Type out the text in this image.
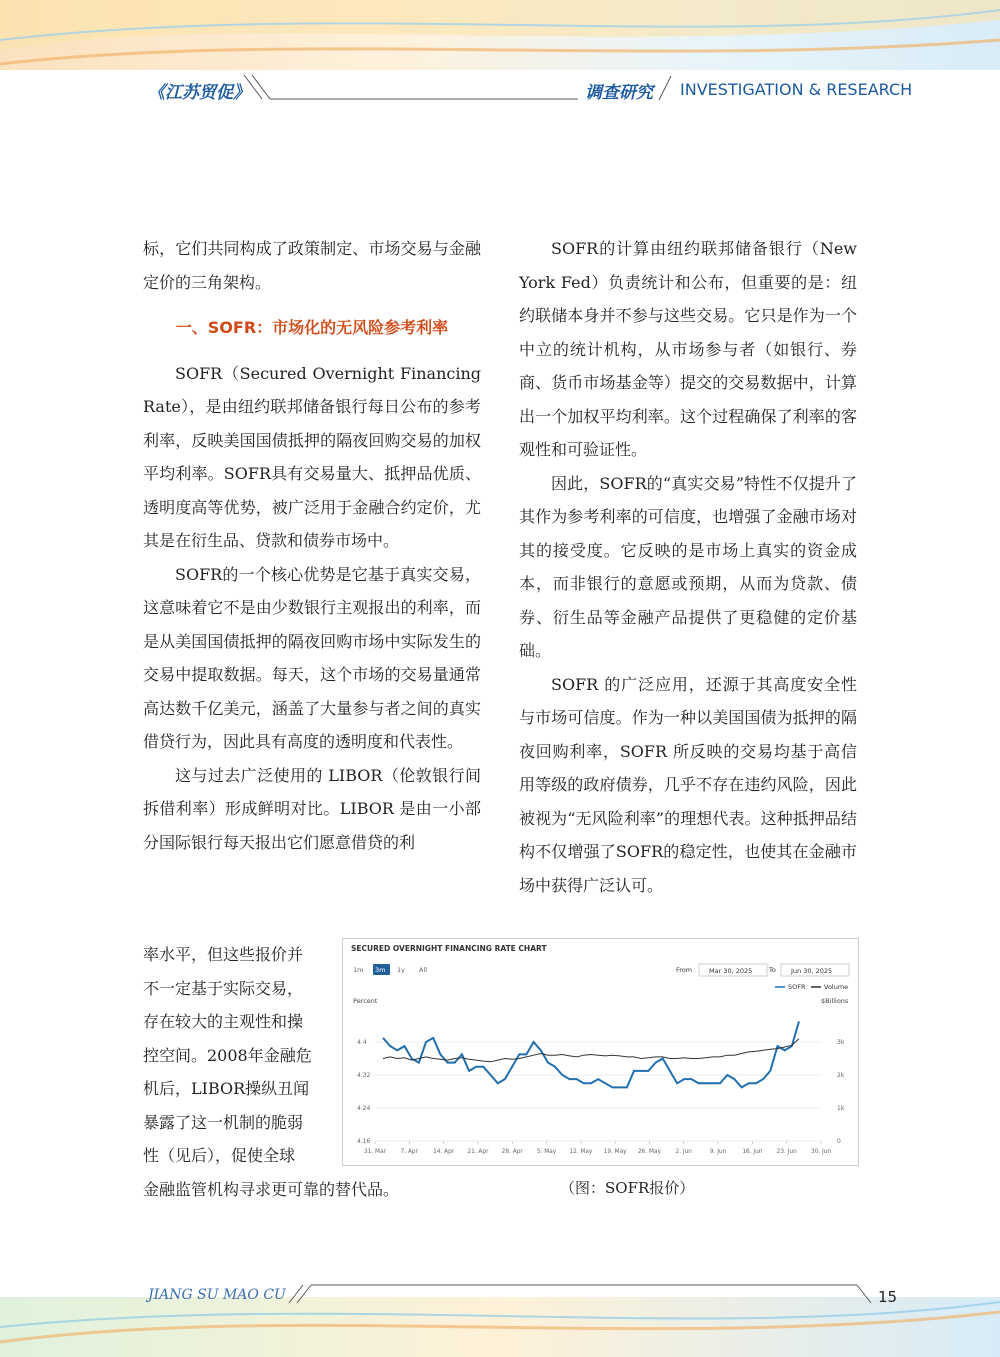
《江苏贸促》	调查研究 INVESTIGATION & RESEARCH

标，它们共同构成了政策制定、市场交易与金融定价的三角架构。

一、SOFR：市场化的无风险参考利率

SOFR（Secured Overnight Financing Rate），是由纽约联邦储备银行每日公布的参考利率，反映美国国债抵押的隔夜回购交易的加权平均利率。SOFR具有交易量大、抵押品优质、透明度高等优势，被广泛用于金融合约定价，尤其是在衍生品、贷款和债券市场中。

SOFR的一个核心优势是它基于真实交易，这意味着它不是由少数银行主观报出的利率，而是从美国国债抵押的隔夜回购市场中实际发生的交易中提取数据。每天，这个市场的交易量通常高达数千亿美元，涵盖了大量参与者之间的真实借贷行为，因此具有高度的透明度和代表性。

这与过去广泛使用的 LIBOR（伦敦银行间拆借利率）形成鲜明对比。LIBOR 是由一小部分国际银行每天报出它们愿意借贷的利

率水平，但这些报价并

不一定基于实际交易，

存在较大的主观性和操

控空间。2008年金融危

机后，LIBOR操纵丑闻

暴露了这一机制的脆弱

性（见后），促使全球

金融监管机构寻求更可靠的替代品。

SOFR的计算由纽约联邦储备银行（New York Fed）负责统计和公布，但重要的是：纽约联储本身并不参与这些交易。它只是作为一个中立的统计机构，从市场参与者（如银行、券商、货币市场基金等）提交的交易数据中，计算出一个加权平均利率。这个过程确保了利率的客观性和可验证性。

因此，SOFR的“真实交易”特性不仅提升了其作为参考利率的可信度，也增强了金融市场对其的接受度。它反映的是市场上真实的资金成本，而非银行的意愿或预期，从而为贷款、债券、衍生品等金融产品提供了更稳健的定价基础。

SOFR 的广泛应用，还源于其高度安全性与市场可信度。作为一种以美国国债为抵押的隔夜回购利率，SOFR 所反映的交易均基于高信用等级的政府债券，几乎不存在违约风险，因此被视为“无风险利率”的理想代表。这种抵押品结构不仅增强了SOFR的稳定性，也使其在金融市场中获得广泛认可。

SECURED OVERNIGHT FINANCING RATE CHART
1m 3m 1y All	From	Mar 30, 2025	To Jun 30, 2025
SOFR	Volume
Percent	$Billions
4.4
4.32
4.24
4.16
3k
2k
1k
0
31. Mar	7. Apr	14. Apr 21. Apr 28. Apr 5. May 12. May 19. May 26. May	2. Jun	9. Jun	16. Jun 23. Jun 30. Jun
（图：SOFR报价）
JIANG SU MAO CU	15
